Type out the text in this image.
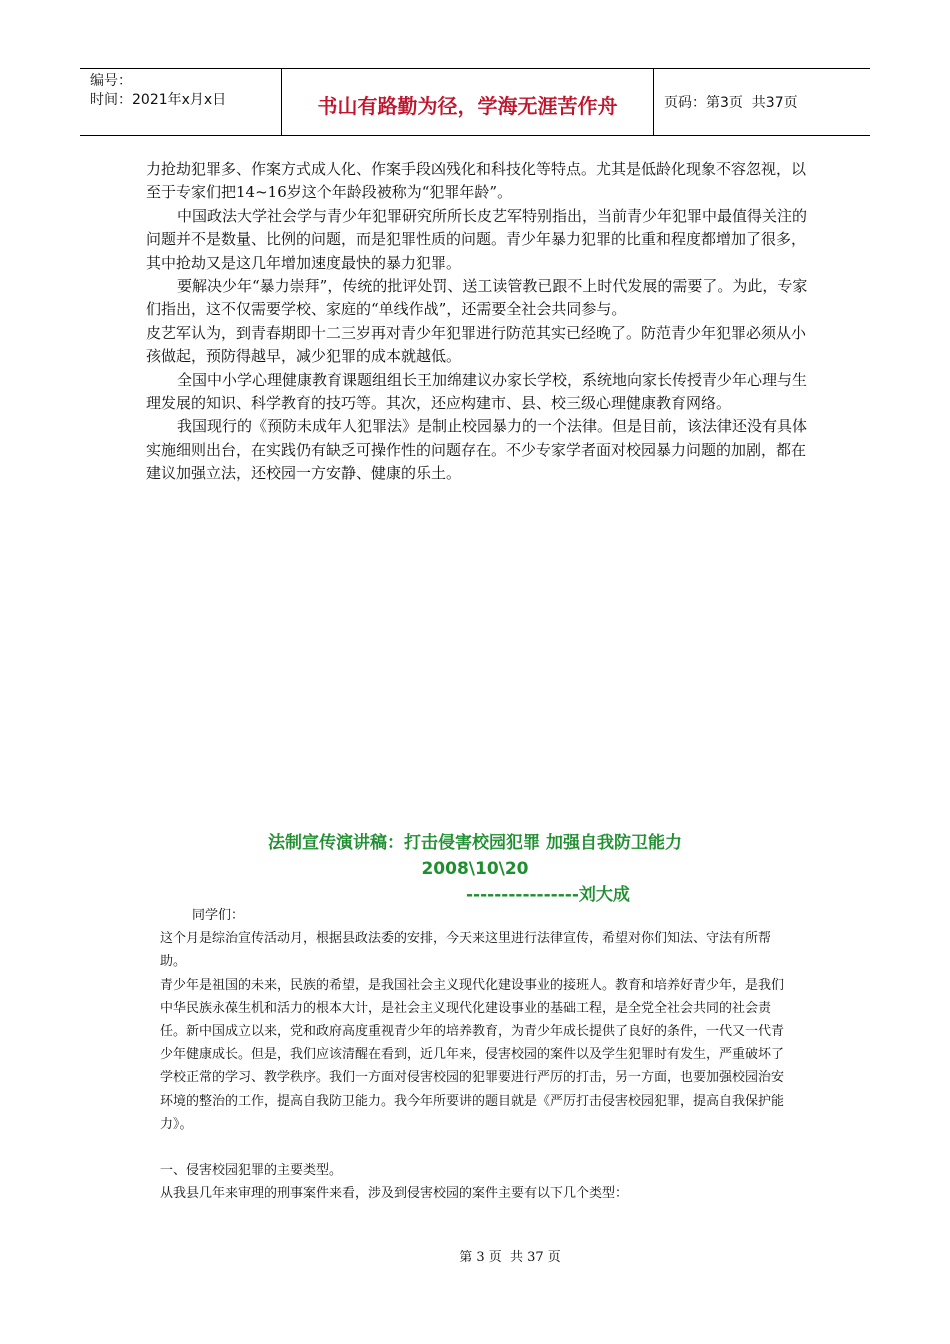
编号：
时间：2021年x月x日	书山有路勤为径，学海无涯苦作舟	页码：第3页  共37页

力抢劫犯罪多、作案方式成人化、作案手段凶残化和科技化等特点。尤其是低龄化现象不容忽视，以至于专家们把14~16岁这个年龄段被称为“犯罪年龄”。

中国政法大学社会学与青少年犯罪研究所所长皮艺军特别指出，当前青少年犯罪中最值得关注的问题并不是数量、比例的问题，而是犯罪性质的问题。青少年暴力犯罪的比重和程度都增加了很多，其中抢劫又是这几年增加速度最快的暴力犯罪。

要解决少年“暴力崇拜”，传统的批评处罚、送工读管教已跟不上时代发展的需要了。为此，专家们指出，这不仅需要学校、家庭的“单线作战”，还需要全社会共同参与。

皮艺军认为，到青春期即十二三岁再对青少年犯罪进行防范其实已经晚了。防范青少年犯罪必须从小孩做起，预防得越早，减少犯罪的成本就越低。

全国中小学心理健康教育课题组组长王加绵建议办家长学校，系统地向家长传授青少年心理与生理发展的知识、科学教育的技巧等。其次，还应构建市、县、校三级心理健康教育网络。

我国现行的《预防未成年人犯罪法》是制止校园暴力的一个法律。但是目前，该法律还没有具体实施细则出台，在实践仍有缺乏可操作性的问题存在。不少专家学者面对校园暴力问题的加剧，都在建议加强立法，还校园一方安静、健康的乐土。

法制宣传演讲稿：打击侵害校园犯罪 加强自我防卫能力
2008\10\20
----------------刘大成

同学们：

这个月是综治宣传活动月，根据县政法委的安排，今天来这里进行法律宣传，希望对你们知法、守法有所帮助。

青少年是祖国的未来，民族的希望，是我国社会主义现代化建设事业的接班人。教育和培养好青少年，是我们中华民族永葆生机和活力的根本大计，是社会主义现代化建设事业的基础工程，是全党全社会共同的社会责任。新中国成立以来，党和政府高度重视青少年的培养教育，为青少年成长提供了良好的条件，一代又一代青少年健康成长。但是，我们应该清醒在看到，近几年来，侵害校园的案件以及学生犯罪时有发生，严重破坏了学校正常的学习、教学秩序。我们一方面对侵害校园的犯罪要进行严厉的打击，另一方面，也要加强校园治安环境的整治的工作，提高自我防卫能力。我今年所要讲的题目就是《严厉打击侵害校园犯罪，提高自我保护能力》。

一、侵害校园犯罪的主要类型。

从我县几年来审理的刑事案件来看，涉及到侵害校园的案件主要有以下几个类型：

第 3 页  共 37 页
